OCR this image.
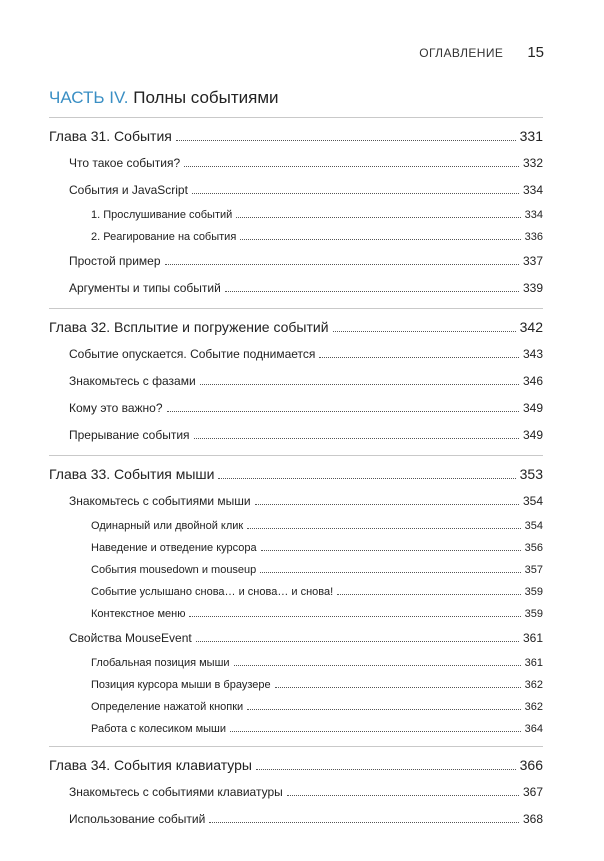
ОГЛАВЛЕНИЕ 15
ЧАСТЬ IV. Полны событиями
Глава 31. События	331
Что такое события?	332
События и JavaScript	334
1. Прослушивание событий	334
2. Реагирование на события	336
Простой пример	337
Аргументы и типы событий	339
Глава 32. Всплытие и погружение событий	342
Событие опускается. Событие поднимается	343
Знакомьтесь с фазами	346
Кому это важно?	349
Прерывание события	349
Глава 33. События мыши	353
Знакомьтесь с событиями мыши	354
Одинарный или двойной клик	354
Наведение и отведение курсора	356
События mousedown и mouseup	357
Событие услышано снова… и снова… и снова!	359
Контекстное меню	359
Свойства MouseEvent	361
Глобальная позиция мыши	361
Позиция курсора мыши в браузере	362
Определение нажатой кнопки	362
Работа с колесиком мыши	364
Глава 34. События клавиатуры	366
Знакомьтесь с событиями клавиатуры	367
Использование событий	368
